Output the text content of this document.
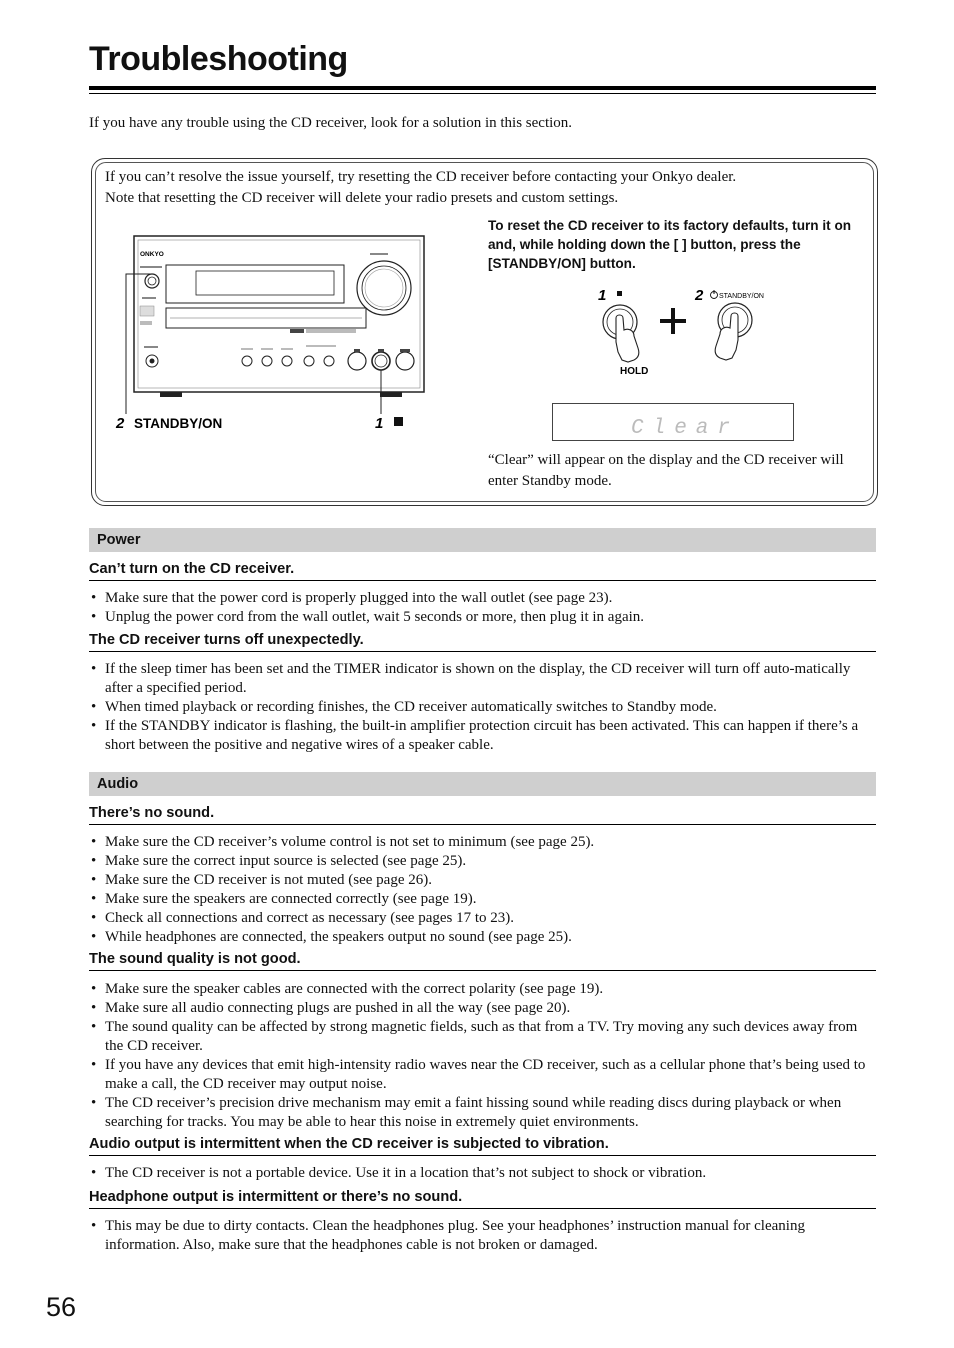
Troubleshooting
If you have any trouble using the CD receiver, look for a solution in this section.
If you can’t resolve the issue yourself, try resetting the CD receiver before contacting your Onkyo dealer.
Note that resetting the CD receiver will delete your radio presets and custom settings.
ONKYO
2 STANDBY/ON	1
To reset the CD receiver to its factory defaults, turn it on and, while holding down the [ ] button, press the [STANDBY/ON] button.
1	2 STANDBY/ON
HOLD
Clear
“Clear” will appear on the display and the CD receiver will enter Standby mode.
Power
Can’t turn on the CD receiver.
• Make sure that the power cord is properly plugged into the wall outlet (see page 23).
• Unplug the power cord from the wall outlet, wait 5 seconds or more, then plug it in again.
The CD receiver turns off unexpectedly.
• If the sleep timer has been set and the TIMER indicator is shown on the display, the CD receiver will turn off auto-matically after a specified period.
• When timed playback or recording finishes, the CD receiver automatically switches to Standby mode.
• If the STANDBY indicator is flashing, the built-in amplifier protection circuit has been activated. This can happen if there’s a short between the positive and negative wires of a speaker cable.
Audio
There’s no sound.
• Make sure the CD receiver’s volume control is not set to minimum (see page 25).
• Make sure the correct input source is selected (see page 25).
• Make sure the CD receiver is not muted (see page 26).
• Make sure the speakers are connected correctly (see page 19).
• Check all connections and correct as necessary (see pages 17 to 23).
• While headphones are connected, the speakers output no sound (see page 25).
The sound quality is not good.
• Make sure the speaker cables are connected with the correct polarity (see page 19).
• Make sure all audio connecting plugs are pushed in all the way (see page 20).
• The sound quality can be affected by strong magnetic fields, such as that from a TV. Try moving any such devices away from the CD receiver.
• If you have any devices that emit high-intensity radio waves near the CD receiver, such as a cellular phone that’s being used to make a call, the CD receiver may output noise.
• The CD receiver’s precision drive mechanism may emit a faint hissing sound while reading discs during playback or when searching for tracks. You may be able to hear this noise in extremely quiet environments.
Audio output is intermittent when the CD receiver is subjected to vibration.
• The CD receiver is not a portable device. Use it in a location that’s not subject to shock or vibration.
Headphone output is intermittent or there’s no sound.
• This may be due to dirty contacts. Clean the headphones plug. See your headphones’ instruction manual for cleaning information. Also, make sure that the headphones cable is not broken or damaged.
56
